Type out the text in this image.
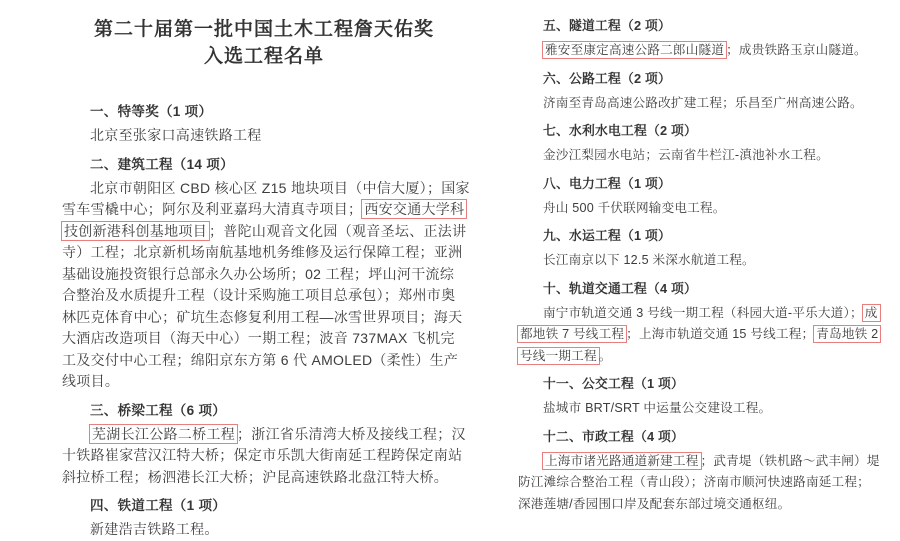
第二十届第一批中国土木工程詹天佑奖
入选工程名单
一、特等奖（1 项）
北京至张家口高速铁路工程
二、建筑工程（14 项）
北京市朝阳区 CBD 核心区 Z15 地块项目（中信大厦）；国家
雪车雪橇中心；阿尔及利亚嘉玛大清真寺项目； 西安交通大学科
技创新港科创基地项目 ；普陀山观音文化园（观音圣坛、正法讲
寺）工程；北京新机场南航基地机务维修及运行保障工程；亚洲
基础设施投资银行总部永久办公场所；02 工程；坪山河干流综
合整治及水质提升工程（设计采购施工项目总承包）；郑州市奥
林匹克体育中心；矿坑生态修复利用工程—冰雪世界项目；海天
大酒店改造项目（海天中心）一期工程；波音 737MAX 飞机完
工及交付中心工程；绵阳京东方第 6 代 AMOLED（柔性）生产
线项目。
三、桥梁工程（6 项）
芜湖长江公路二桥工程 ；浙江省乐清湾大桥及接线工程；汉
十铁路崔家营汉江特大桥；保定市乐凯大街南延工程跨保定南站
斜拉桥工程；杨泗港长江大桥；沪昆高速铁路北盘江特大桥。
四、铁道工程（1 项）
新建浩吉铁路工程。
五、隧道工程（2 项）
雅安至康定高速公路二郎山隧道 ；成贵铁路玉京山隧道。
六、公路工程（2 项）
济南至青岛高速公路改扩建工程；乐昌至广州高速公路。
七、水利水电工程（2 项）
金沙江梨园水电站；云南省牛栏江-滇池补水工程。
八、电力工程（1 项）
舟山 500 千伏联网输变电工程。
九、水运工程（1 项）
长江南京以下 12.5 米深水航道工程。
十、轨道交通工程（4 项）
南宁市轨道交通 3 号线一期工程（科园大道-平乐大道）； 成
都地铁 7 号线工程 ；上海市轨道交通 15 号线工程； 青岛地铁 2
号线一期工程 。
十一、公交工程（1 项）
盐城市 BRT/SRT 中运量公交建设工程。
十二、市政工程（4 项）
上海市诸光路通道新建工程 ；武青堤（铁机路～武丰闸）堤
防江滩综合整治工程（青山段）；济南市顺河快速路南延工程；
深港莲塘/香园围口岸及配套东部过境交通枢纽。
